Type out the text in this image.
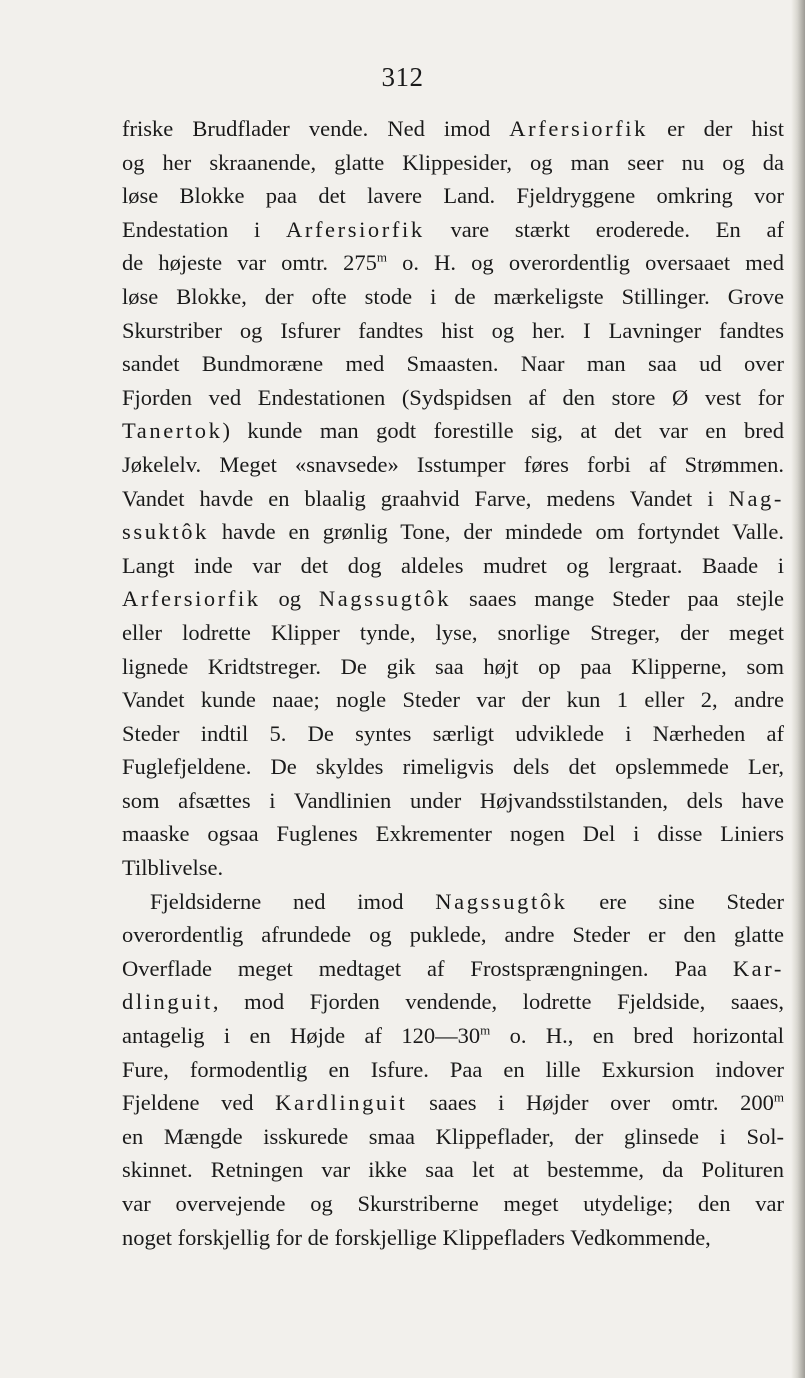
312
friske Brudflader vende. Ned imod Arfersiorfik er der hist
og her skraanende, glatte Klippesider, og man seer nu og da
løse Blokke paa det lavere Land. Fjeldryggene omkring vor
Endestation i Arfersiorfik vare stærkt eroderede. En af
de højeste var omtr. 275$^m$ o. H. og overordentlig oversaaet med
løse Blokke, der ofte stode i de mærkeligste Stillinger. Grove
Skurstriber og Isfurer fandtes hist og her. I Lavninger fandtes
sandet Bundmoræne med Smaasten. Naar man saa ud over
Fjorden ved Endestationen (Sydspidsen af den store Ø vest for
Tanertok) kunde man godt forestille sig, at det var en bred
Jøkelelv. Meget «snavsede» Isstumper føres forbi af Strømmen.
Vandet havde en blaalig graahvid Farve, medens Vandet i Nag-
ssuktôk havde en grønlig Tone, der mindede om fortyndet Valle.
Langt inde var det dog aldeles mudret og lergraat. Baade i
Arfersiorfik og Nagssugtôk saaes mange Steder paa stejle
eller lodrette Klipper tynde, lyse, snorlige Streger, der meget
lignede Kridtstreger. De gik saa højt op paa Klipperne, som
Vandet kunde naae; nogle Steder var der kun 1 eller 2, andre
Steder indtil 5. De syntes særligt udviklede i Nærheden af
Fuglefjeldene. De skyldes rimeligvis dels det opslemmede Ler,
som afsættes i Vandlinien under Højvandsstilstanden, dels have
maaske ogsaa Fuglenes Exkrementer nogen Del i disse Liniers
Tilblivelse.
Fjeldsiderne ned imod Nagssugtôk ere sine Steder
overordentlig afrundede og puklede, andre Steder er den glatte
Overflade meget medtaget af Frostsprængningen. Paa Kar-
dlinguit, mod Fjorden vendende, lodrette Fjeldside, saaes,
antagelig i en Højde af 120—30$^m$ o. H., en bred horizontal
Fure, formodentlig en Isfure. Paa en lille Exkursion indover
Fjeldene ved Kardlinguit saaes i Højder over omtr. 200$^m$
en Mængde isskurede smaa Klippeflader, der glinsede i Sol-
skinnet. Retningen var ikke saa let at bestemme, da Polituren
var overvejende og Skurstriberne meget utydelige; den var
noget forskjellig for de forskjellige Klippefladers Vedkommende,
